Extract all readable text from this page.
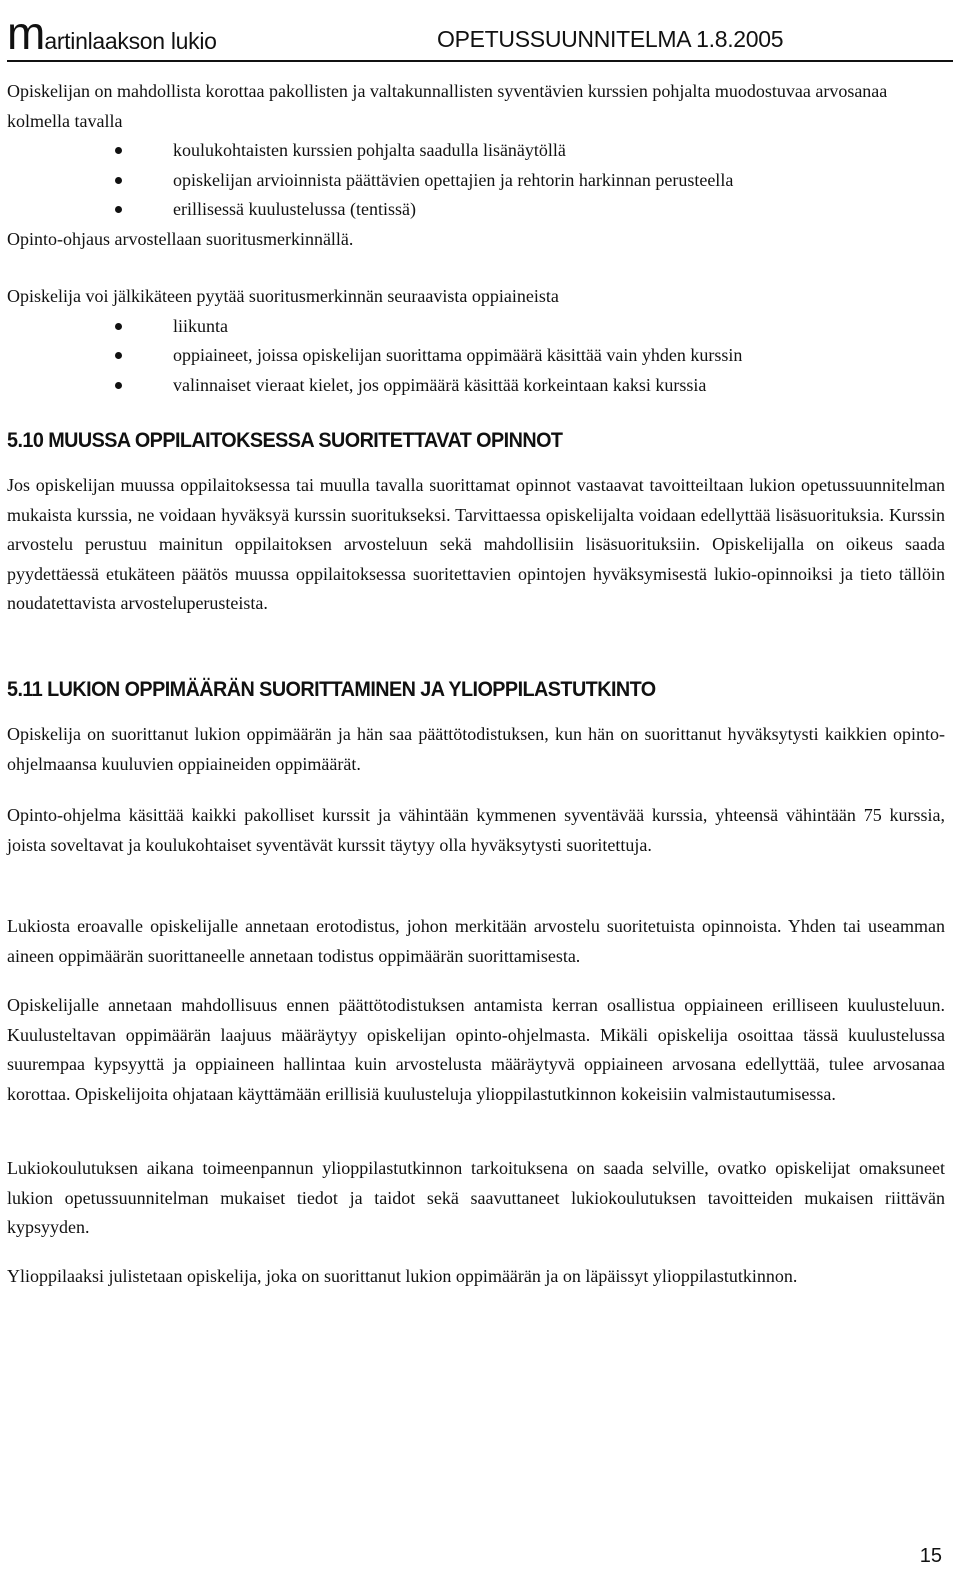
martinlaakson lukio	OPETUSSUUNNITELMA 1.8.2005

Opiskelijan on mahdollista korottaa pakollisten ja valtakunnallisten syventävien kurssien pohjalta muodostuvaa arvosanaa kolmella tavalla

koulukohtaisten kurssien pohjalta saadulla lisänäytöllä
opiskelijan arvioinnista päättävien opettajien ja rehtorin harkinnan perusteella
erillisessä kuulustelussa (tentissä)

Opinto-ohjaus arvostellaan suoritusmerkinnällä.

Opiskelija voi jälkikäteen pyytää suoritusmerkinnän seuraavista oppiaineista

liikunta
oppiaineet, joissa opiskelijan suorittama oppimäärä käsittää vain yhden kurssin
valinnaiset vieraat kielet, jos oppimäärä käsittää korkeintaan kaksi kurssia
5.10 MUUSSA OPPILAITOKSESSA SUORITETTAVAT OPINNOT

Jos opiskelijan muussa oppilaitoksessa tai muulla tavalla suorittamat opinnot vastaavat tavoitteiltaan lukion opetussuunnitelman mukaista kurssia, ne voidaan hyväksyä kurssin suoritukseksi. Tarvittaessa opiskelijalta voidaan edellyttää lisäsuorituksia. Kurssin arvostelu perustuu mainitun oppilaitoksen arvosteluun sekä mahdollisiin lisäsuorituksiin. Opiskelijalla on oikeus saada pyydettäessä etukäteen päätös muussa oppilaitoksessa suoritettavien opintojen hyväksymisestä lukio-opinnoiksi ja tieto tällöin noudatettavista arvosteluperusteista.

5.11 LUKION OPPIMÄÄRÄN SUORITTAMINEN JA YLIOPPILASTUTKINTO

Opiskelija on suorittanut lukion oppimäärän ja hän saa päättötodistuksen, kun hän on suorittanut hyväksytysti kaikkien opinto-ohjelmaansa kuuluvien oppiaineiden oppimäärät.

Opinto-ohjelma käsittää kaikki pakolliset kurssit ja vähintään kymmenen syventävää kurssia, yhteensä vähintään 75 kurssia, joista soveltavat ja koulukohtaiset syventävät kurssit täytyy olla hyväksytysti suoritettuja.

Lukiosta eroavalle opiskelijalle annetaan erotodistus, johon merkitään arvostelu suoritetuista opinnoista. Yhden tai useamman aineen oppimäärän suorittaneelle annetaan todistus oppimäärän suorittamisesta.

Opiskelijalle annetaan mahdollisuus ennen päättötodistuksen antamista kerran osallistua oppiaineen erilliseen kuulusteluun. Kuulusteltavan oppimäärän laajuus määräytyy opiskelijan opinto-ohjelmasta. Mikäli opiskelija osoittaa tässä kuulustelussa suurempaa kypsyyttä ja oppiaineen hallintaa kuin arvostelusta määräytyvä oppiaineen arvosana edellyttää, tulee arvosanaa korottaa. Opiskelijoita ohjataan käyttämään erillisiä kuulusteluja ylioppilastutkinnon kokeisiin valmistautumisessa.

Lukiokoulutuksen aikana toimeenpannun ylioppilastutkinnon tarkoituksena on saada selville, ovatko opiskelijat omaksuneet lukion opetussuunnitelman mukaiset tiedot ja taidot sekä saavuttaneet lukiokoulutuksen tavoitteiden mukaisen riittävän kypsyyden.

Ylioppilaaksi julistetaan opiskelija, joka on suorittanut lukion oppimäärän ja on läpäissyt ylioppilastutkinnon.

15
